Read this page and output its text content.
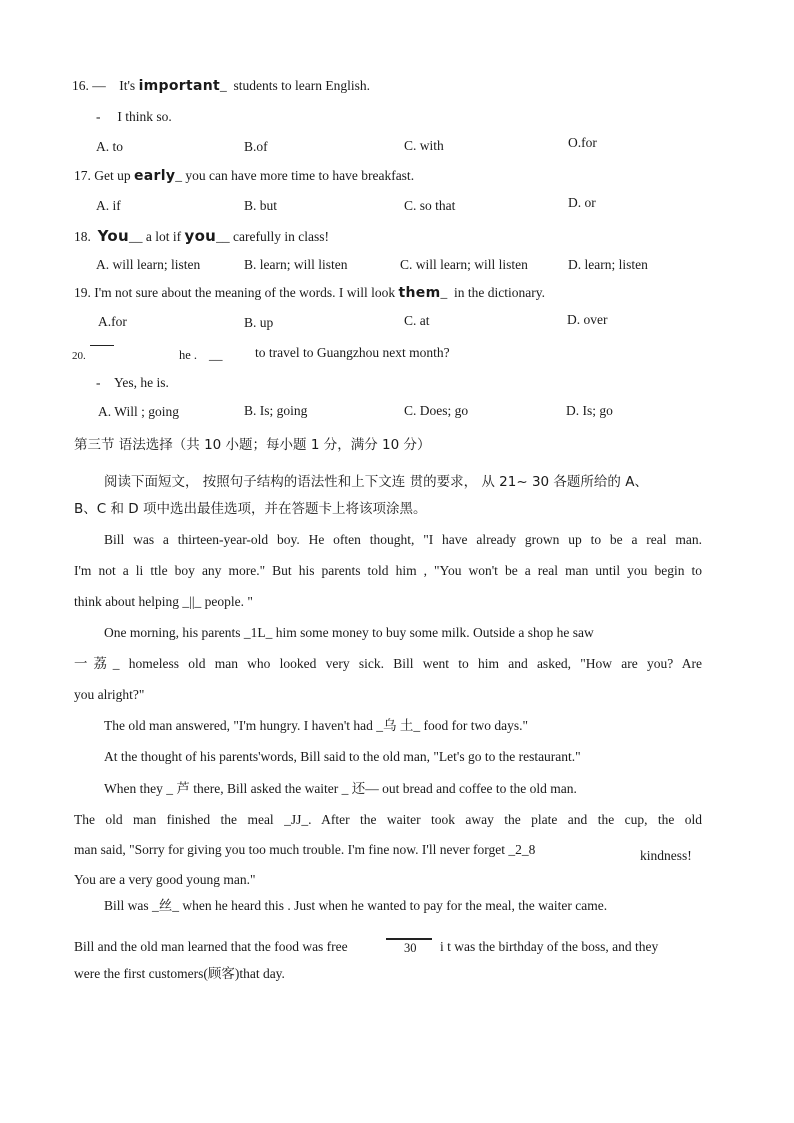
16. — It's important_ students to learn English.
- I think so.
A. to	B.of	C. with	O.for
17. Get up early_ you can have more time to have breakfast.
A. if	B. but	C. so that	D. or
18. You__ a lot if you__ carefully in class!
A. will learn; listen	B. learn; will listen	C. will learn; will listen	D. learn; listen
19. I'm not sure about the meaning of the words. I will look them_ in the dictionary.
A.for	B. up	C. at	D. over
20.	he . __ to travel to Guangzhou next month?
- Yes, he is.
A. Will ; going	B. Is; going	C. Does; go	D. Is; go
第三节 语法选择（共 10 小题；每小题 1 分，满分 10 分）
阅读下面短文， 按照句子结构的语法性和上下文连 贯的要求， 从 21~ 30 各题所给的 A、
B、C 和 D 项中选出最佳选项，并在答题卡上将该项涂黑。
Bill was a thirteen-year-old boy. He often thought, "I have already grown up to be a real man.
I'm not a li ttle boy any more." But his parents told him , "You won't be a real man until you begin to
think about helping _||_ people. "
One morning, his parents _1L_ him some money to buy some milk. Outside a shop he saw
一荔_ homeless old man who looked very sick. Bill went to him and asked, "How are you? Are
you alright?"
The old man answered, "I'm hungry. I haven't had _乌 土_ food for two days."
At the thought of his parents'words, Bill said to the old man, "Let's go to the restaurant."
When they _ 芦 there, Bill asked the waiter _ 还— out bread and coffee to the old man.
The old man finished the meal _JJ_. After the waiter took away the plate and the cup, the old
man said, "Sorry for giving you too much trouble. I'm fine now. I'll never forget _2_8	kindness!
You are a very good young man."
Bill was _丝_ when he heard this . Just when he wanted to pay for the meal, the waiter came.
Bill and the old man learned that the food was free	30 i t was the birthday of the boss, and they
were the first customers(顾客)that day.
